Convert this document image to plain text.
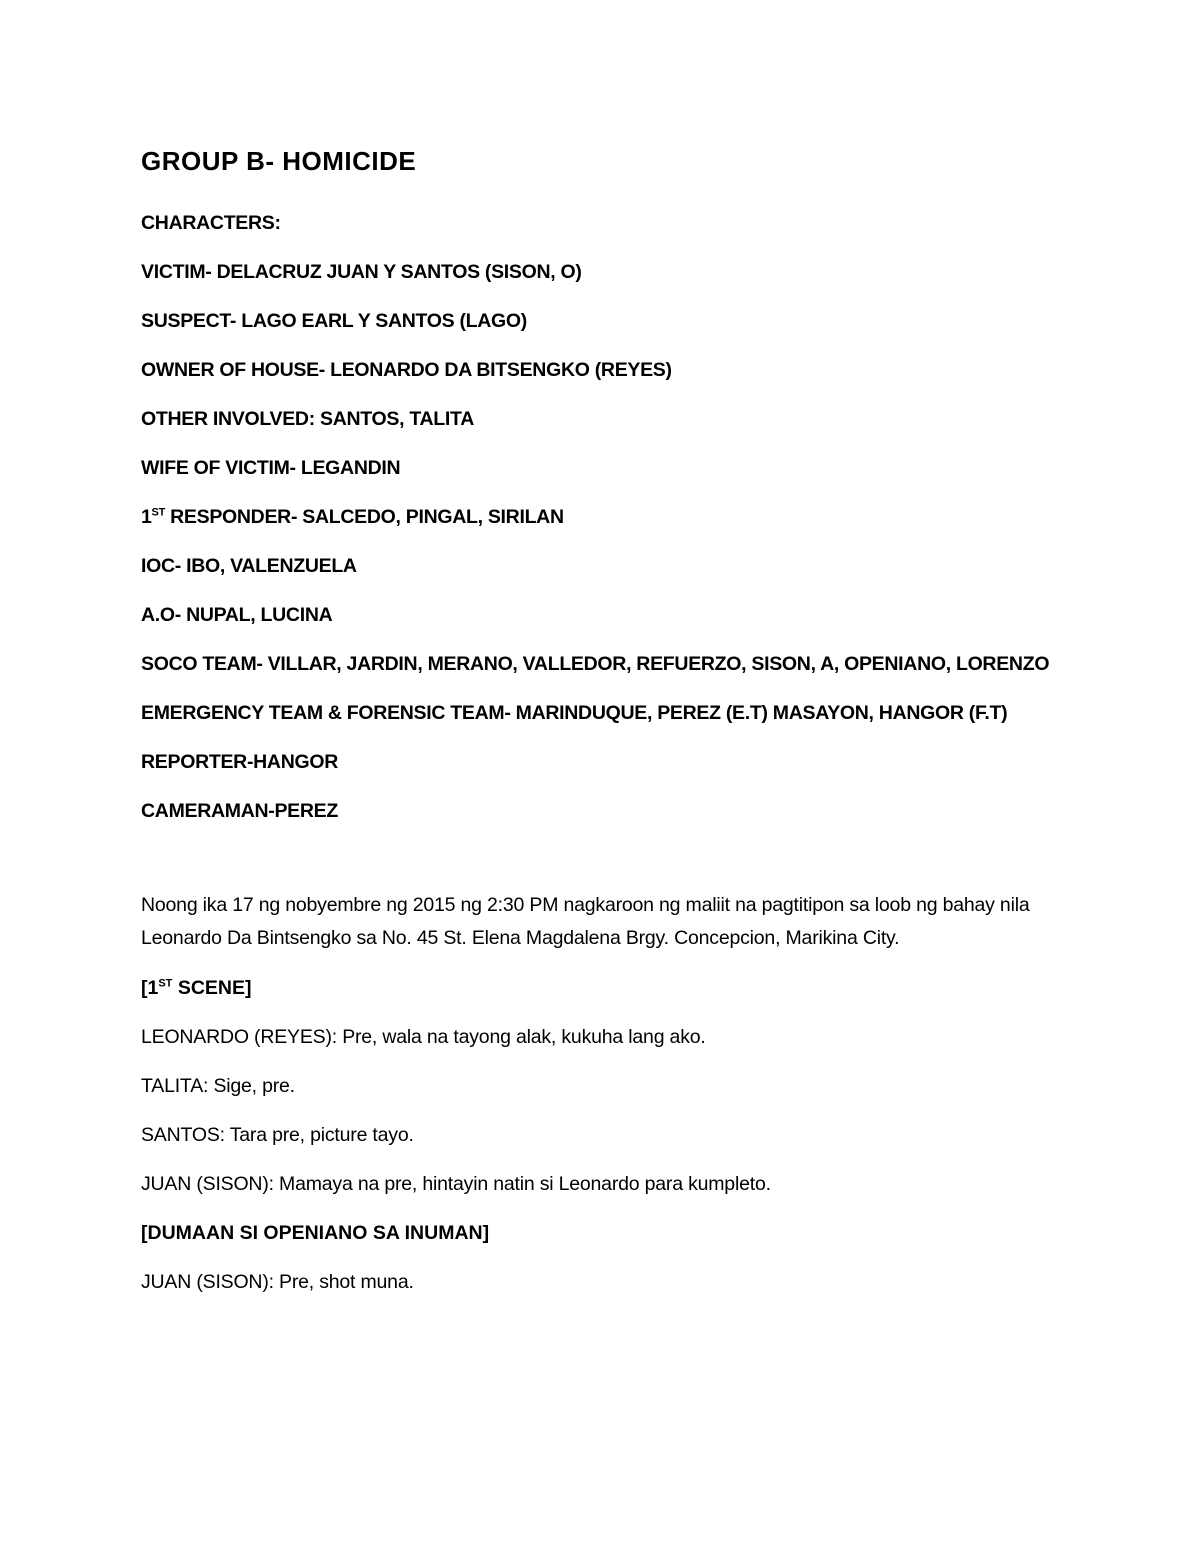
GROUP B- HOMICIDE
CHARACTERS:
VICTIM- DELACRUZ JUAN Y SANTOS (SISON, O)
SUSPECT- LAGO EARL Y SANTOS (LAGO)
OWNER OF HOUSE- LEONARDO DA BITSENGKO (REYES)
OTHER INVOLVED: SANTOS, TALITA
WIFE OF VICTIM- LEGANDIN
1ST RESPONDER- SALCEDO, PINGAL, SIRILAN
IOC- IBO, VALENZUELA
A.O- NUPAL, LUCINA
SOCO TEAM- VILLAR, JARDIN, MERANO, VALLEDOR, REFUERZO, SISON, A, OPENIANO, LORENZO
EMERGENCY TEAM & FORENSIC TEAM- MARINDUQUE, PEREZ (E.T) MASAYON, HANGOR (F.T)
REPORTER-HANGOR
CAMERAMAN-PEREZ
Noong ika 17 ng nobyembre ng 2015 ng 2:30 PM nagkaroon ng maliit na pagtitipon sa loob ng bahay nila Leonardo Da Bintsengko sa No. 45 St. Elena Magdalena Brgy. Concepcion, Marikina City.
[1ST SCENE]
LEONARDO (REYES): Pre, wala na tayong alak, kukuha lang ako.
TALITA: Sige, pre.
SANTOS: Tara pre, picture tayo.
JUAN (SISON): Mamaya na pre, hintayin natin si Leonardo para kumpleto.
[DUMAAN SI OPENIANO SA INUMAN]
JUAN (SISON): Pre, shot muna.
